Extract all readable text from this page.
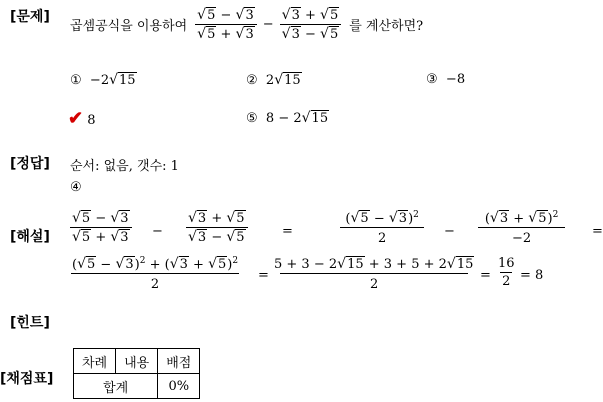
[문제]
[정답]
[해설]
[힌트]
[채점표]
곱셈공식을 이용하여 $\frac{√5 - √3}{√5 + √3} - \frac{√3 + √5}{√3 - √5}$ 를 계산하면?
① −2√15	② 2√15	③ −8
✔ 8	⑤ 8 − 2√15
순서: 없음, 갯수: 1
④
$\frac{√5 - √3}{√5 + √3} - \frac{√3 + √5}{√3 - √5}$	=	$\frac{(√5 - √3)^2}{2} - \frac{(√3 + √5)^2}{-2}$ =
$\frac{(√5 - √3)^2 + (√3 + √5)^2}{2} = \frac{5 + 3 - 2√15 + 3 + 5 + 2√15}{2} = \frac{16}{2} = 8$
차례	내용	배점
합계		0%
